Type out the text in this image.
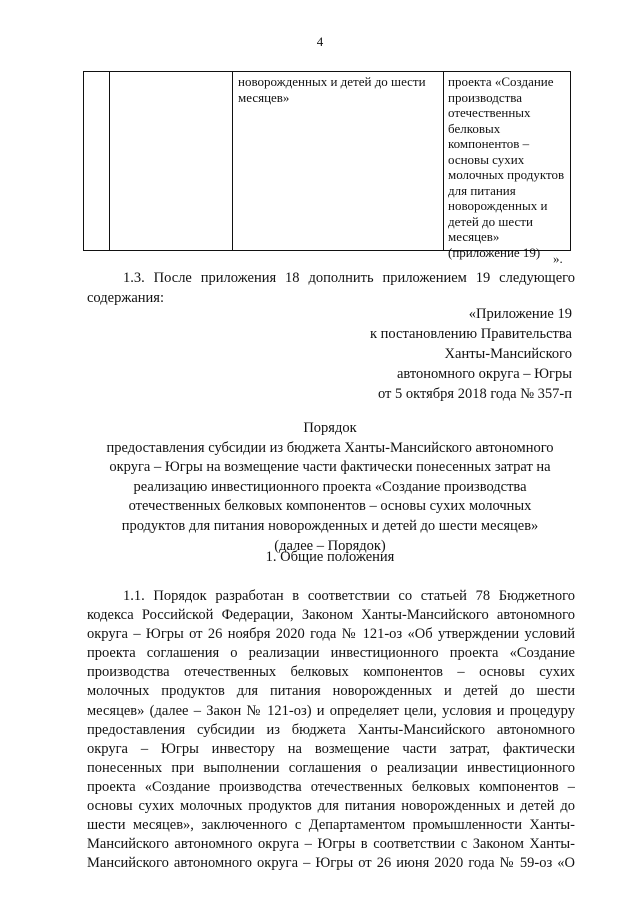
4
новорожденных и детей до шести
месяцев»
проекта «Создание
производства
отечественных
белковых
компонентов –
основы сухих
молочных продуктов
для питания
новорожденных и
детей до шести
месяцев»
(приложение 19) ».
1.3. После приложения 18 дополнить приложением 19 следующего
содержания:
«Приложение 19
к постановлению Правительства
Ханты-Мансийского
автономного округа – Югры
от 5 октября 2018 года № 357-п
Порядок
предоставления субсидии из бюджета Ханты-Мансийского автономного
округа – Югры на возмещение части фактически понесенных затрат на
реализацию инвестиционного проекта «Создание производства
отечественных белковых компонентов – основы сухих молочных
продуктов для питания новорожденных и детей до шести месяцев»
(далее – Порядок)
1. Общие положения
1.1. Порядок разработан в соответствии со статьей 78 Бюджетного
кодекса Российской Федерации, Законом Ханты-Мансийского автономного
округа – Югры от 26 ноября 2020 года № 121-оз «Об утверждении условий
проекта соглашения о реализации инвестиционного проекта «Создание
производства отечественных белковых компонентов – основы сухих
молочных продуктов для питания новорожденных и детей до шести
месяцев» (далее – Закон № 121-оз) и определяет цели, условия и процедуру
предоставления субсидии из бюджета Ханты-Мансийского автономного
округа – Югры инвестору на возмещение части затрат, фактически
понесенных при выполнении соглашения о реализации инвестиционного
проекта «Создание производства отечественных белковых компонентов –
основы сухих молочных продуктов для питания новорожденных и детей до
шести месяцев», заключенного с Департаментом промышленности Ханты-
Мансийского автономного округа – Югры в соответствии с Законом Ханты-
Мансийского автономного округа – Югры от 26 июня 2020 года № 59-оз «О
